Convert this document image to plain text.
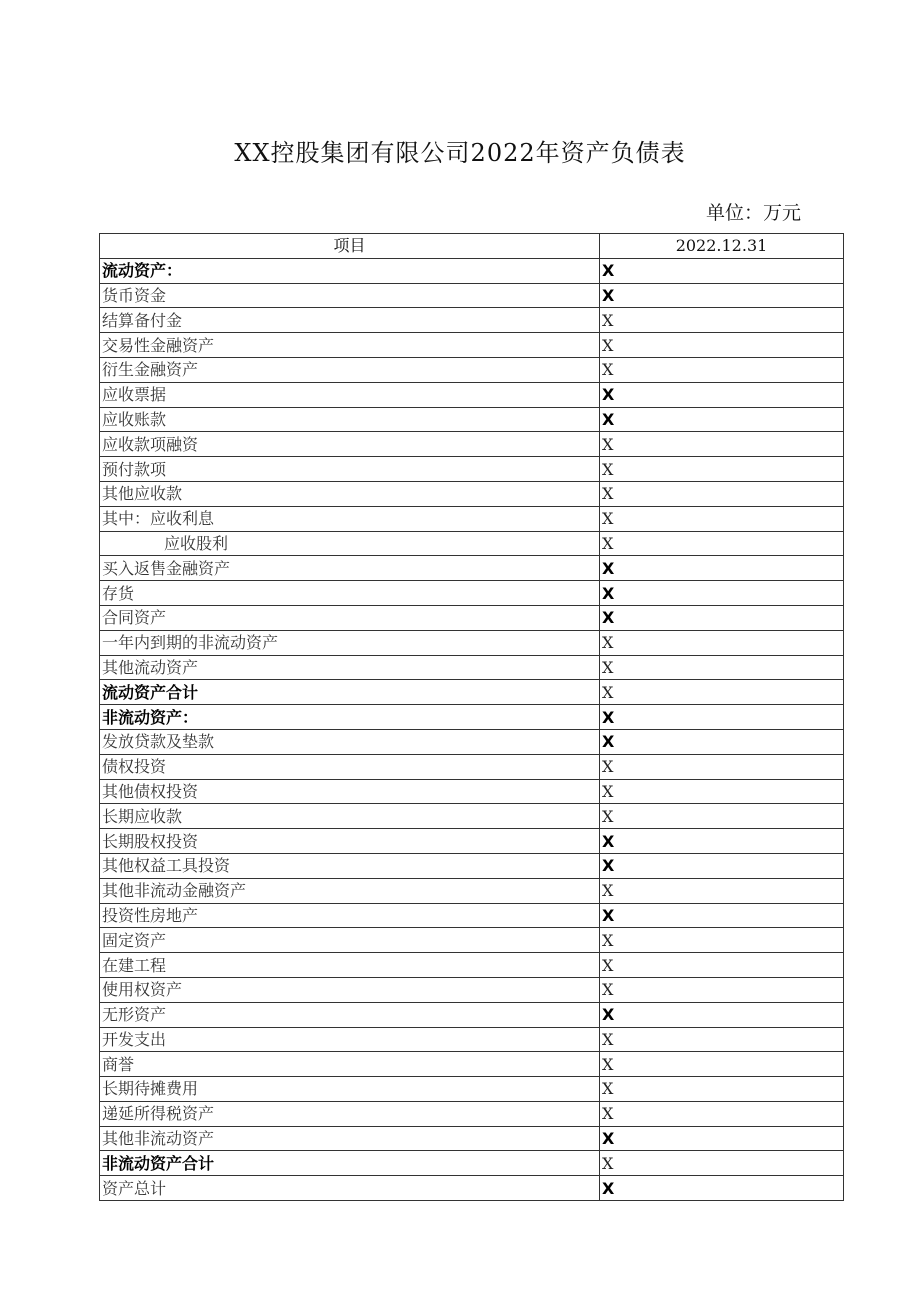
XX控股集团有限公司2022年资产负债表
单位：万元
项目	2022.12.31
流动资产：	X
货币资金	X
结算备付金	X
交易性金融资产	X
衍生金融资产	X
应收票据	X
应收账款	X
应收款项融资	X
预付款项	X
其他应收款	X
其中：应收利息	X
应收股利	X
买入返售金融资产	X
存货	X
合同资产	X
一年内到期的非流动资产	X
其他流动资产	X
流动资产合计	X
非流动资产：	X
发放贷款及垫款	X
债权投资	X
其他债权投资	X
长期应收款	X
长期股权投资	X
其他权益工具投资	X
其他非流动金融资产	X
投资性房地产	X
固定资产	X
在建工程	X
使用权资产	X
无形资产	X
开发支出	X
商誉	X
长期待摊费用	X
递延所得税资产	X
其他非流动资产	X
非流动资产合计	X
资产总计	X
